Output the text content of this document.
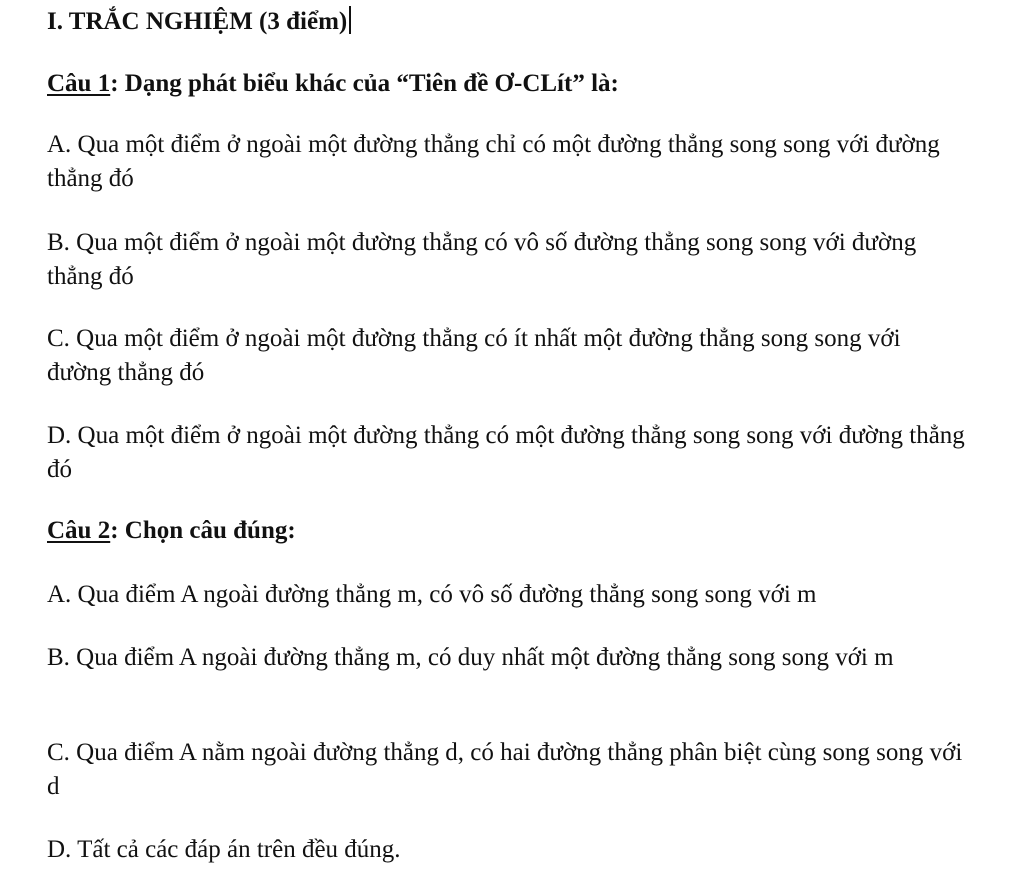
I. TRẮC NGHIỆM (3 điểm)
Câu 1: Dạng phát biểu khác của “Tiên đề Ơ-CLít” là:
A. Qua một điểm ở ngoài một đường thẳng chỉ có một đường thẳng song song với đường thẳng đó
B. Qua một điểm ở ngoài một đường thẳng có vô số đường thẳng song song với đường thẳng đó
C. Qua một điểm ở ngoài một đường thẳng có ít nhất một đường thẳng song song với đường thẳng đó
D. Qua một điểm ở ngoài một đường thẳng có một đường thẳng song song với đường thẳng đó
Câu 2: Chọn câu đúng:
A. Qua điểm A ngoài đường thẳng m, có vô số đường thẳng song song với m
B. Qua điểm A ngoài đường thẳng m, có duy nhất một đường thẳng song song với m
C. Qua điểm A nằm ngoài đường thẳng d, có hai đường thẳng phân biệt cùng song song với d
D. Tất cả các đáp án trên đều đúng.
